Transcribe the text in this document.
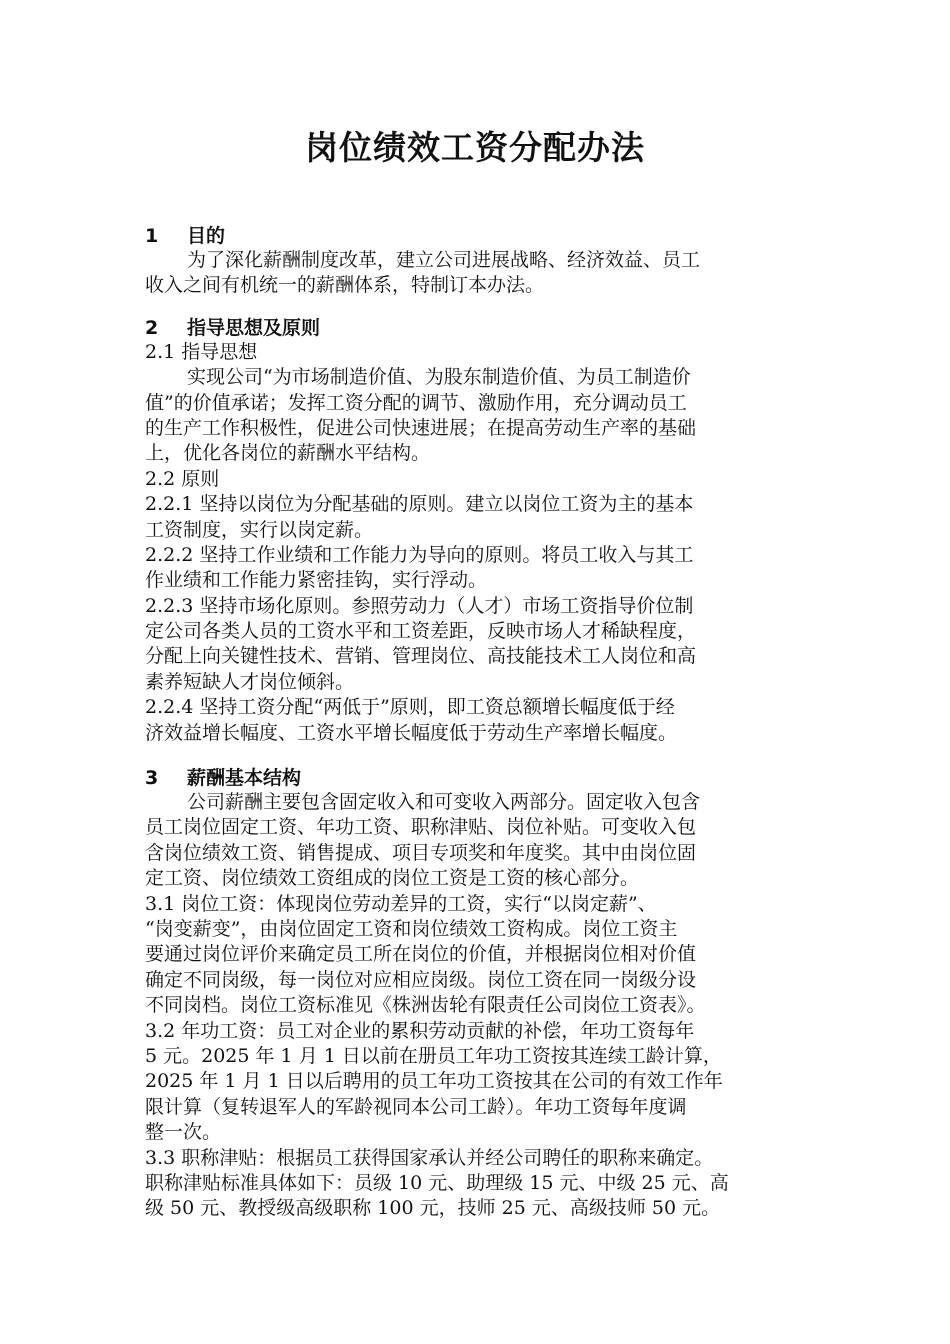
岗位绩效工资分配办法
1 目的
为了深化薪酬制度改革，建立公司进展战略、经济效益、员工
收入之间有机统一的薪酬体系，特制订本办法。
2 指导思想及原则
2.1 指导思想
实现公司“为市场制造价值、为股东制造价值、为员工制造价
值”的价值承诺；发挥工资分配的调节、激励作用，充分调动员工
的生产工作积极性，促进公司快速进展；在提高劳动生产率的基础
上，优化各岗位的薪酬水平结构。
2.2 原则
2.2.1 坚持以岗位为分配基础的原则。建立以岗位工资为主的基本
工资制度，实行以岗定薪。
2.2.2 坚持工作业绩和工作能力为导向的原则。将员工收入与其工
作业绩和工作能力紧密挂钩，实行浮动。
2.2.3 坚持市场化原则。参照劳动力（人才）市场工资指导价位制
定公司各类人员的工资水平和工资差距，反映市场人才稀缺程度，
分配上向关键性技术、营销、管理岗位、高技能技术工人岗位和高
素养短缺人才岗位倾斜。
2.2.4 坚持工资分配“两低于”原则，即工资总额增长幅度低于经
济效益增长幅度、工资水平增长幅度低于劳动生产率增长幅度。
3 薪酬基本结构
公司薪酬主要包含固定收入和可变收入两部分。固定收入包含
员工岗位固定工资、年功工资、职称津贴、岗位补贴。可变收入包
含岗位绩效工资、销售提成、项目专项奖和年度奖。其中由岗位固
定工资、岗位绩效工资组成的岗位工资是工资的核心部分。
3.1 岗位工资：体现岗位劳动差异的工资，实行“以岗定薪”、
“岗变薪变”，由岗位固定工资和岗位绩效工资构成。岗位工资主
要通过岗位评价来确定员工所在岗位的价值，并根据岗位相对价值
确定不同岗级，每一岗位对应相应岗级。岗位工资在同一岗级分设
不同岗档。岗位工资标准见《株洲齿轮有限责任公司岗位工资表》。
3.2 年功工资：员工对企业的累积劳动贡献的补偿，年功工资每年
5 元。2025 年 1 月 1 日以前在册员工年功工资按其连续工龄计算，
2025 年 1 月 1 日以后聘用的员工年功工资按其在公司的有效工作年
限计算（复转退军人的军龄视同本公司工龄）。年功工资每年度调
整一次。
3.3 职称津贴：根据员工获得国家承认并经公司聘任的职称来确定。
职称津贴标准具体如下：员级 10 元、助理级 15 元、中级 25 元、高
级 50 元、教授级高级职称 100 元，技师 25 元、高级技师 50 元。
